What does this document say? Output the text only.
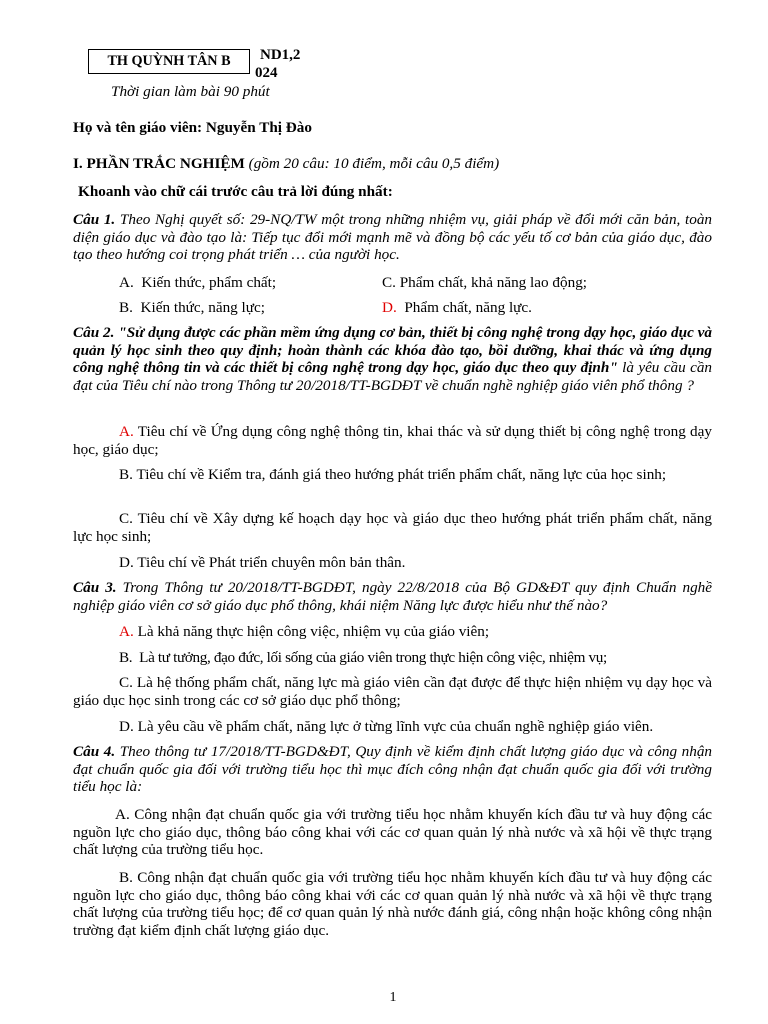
TH QUỲNH TÂN B	ND1,2
024
Thời gian làm bài 90 phút
Họ và tên giáo viên: Nguyễn Thị Đào
I. PHẦN TRẮC NGHIỆM (gồm 20 câu: 10 điểm, mỗi câu 0,5 điểm)
Khoanh vào chữ cái trước câu trả lời đúng nhất:
Câu 1. Theo Nghị quyết số: 29-NQ/TW một trong những nhiệm vụ, giải pháp về đổi mới căn bản, toàn diện giáo dục và đào tạo là: Tiếp tục đổi mới mạnh mẽ và đồng bộ các yếu tố cơ bản của giáo dục, đào tạo theo hướng coi trọng phát triển … của người học.
A. Kiến thức, phẩm chất;	C. Phẩm chất, khả năng lao động;
B. Kiến thức, năng lực;	D. Phẩm chất, năng lực.
Câu 2. "Sử dụng được các phần mềm ứng dụng cơ bản, thiết bị công nghệ trong dạy học, giáo dục và quản lý học sinh theo quy định; hoàn thành các khóa đào tạo, bồi dưỡng, khai thác và ứng dụng công nghệ thông tin và các thiết bị công nghệ trong dạy học, giáo dục theo quy định" là yêu cầu cần đạt của Tiêu chí nào trong Thông tư 20/2018/TT-BGDĐT về chuẩn nghề nghiệp giáo viên phổ thông ?
A. Tiêu chí về Ứng dụng công nghệ thông tin, khai thác và sử dụng thiết bị công nghệ trong dạy học, giáo dục;
B. Tiêu chí về Kiểm tra, đánh giá theo hướng phát triển phẩm chất, năng lực của học sinh;
C. Tiêu chí về Xây dựng kế hoạch dạy học và giáo dục theo hướng phát triển phẩm chất, năng lực học sinh;
D. Tiêu chí về Phát triển chuyên môn bản thân.
Câu 3. Trong Thông tư 20/2018/TT-BGDĐT, ngày 22/8/2018 của Bộ GD&ĐT quy định Chuẩn nghề nghiệp giáo viên cơ sở giáo dục phổ thông, khái niệm Năng lực được hiểu như thế nào?
A. Là khả năng thực hiện công việc, nhiệm vụ của giáo viên;
B. Là tư tưởng, đạo đức, lối sống của giáo viên trong thực hiện công việc, nhiệm vụ;
C. Là hệ thống phẩm chất, năng lực mà giáo viên cần đạt được để thực hiện nhiệm vụ dạy học và giáo dục học sinh trong các cơ sở giáo dục phổ thông;
D. Là yêu cầu về phẩm chất, năng lực ở từng lĩnh vực của chuẩn nghề nghiệp giáo viên.
Câu 4. Theo thông tư 17/2018/TT-BGD&ĐT, Quy định về kiểm định chất lượng giáo dục và công nhận đạt chuẩn quốc gia đối với trường tiểu học thì mục đích công nhận đạt chuẩn quốc gia đối với trường tiểu học là:
A. Công nhận đạt chuẩn quốc gia với trường tiểu học nhằm khuyến kích đầu tư và huy động các nguồn lực cho giáo dục, thông báo công khai với các cơ quan quản lý nhà nước và xã hội về thực trạng chất lượng của trường tiểu học.
B. Công nhận đạt chuẩn quốc gia với trường tiểu học nhằm khuyến kích đầu tư và huy động các nguồn lực cho giáo dục, thông báo công khai với các cơ quan quản lý nhà nước và xã hội về thực trạng chất lượng của trường tiểu học; để cơ quan quản lý nhà nước đánh giá, công nhận hoặc không công nhận trường đạt kiểm định chất lượng giáo dục.
1
